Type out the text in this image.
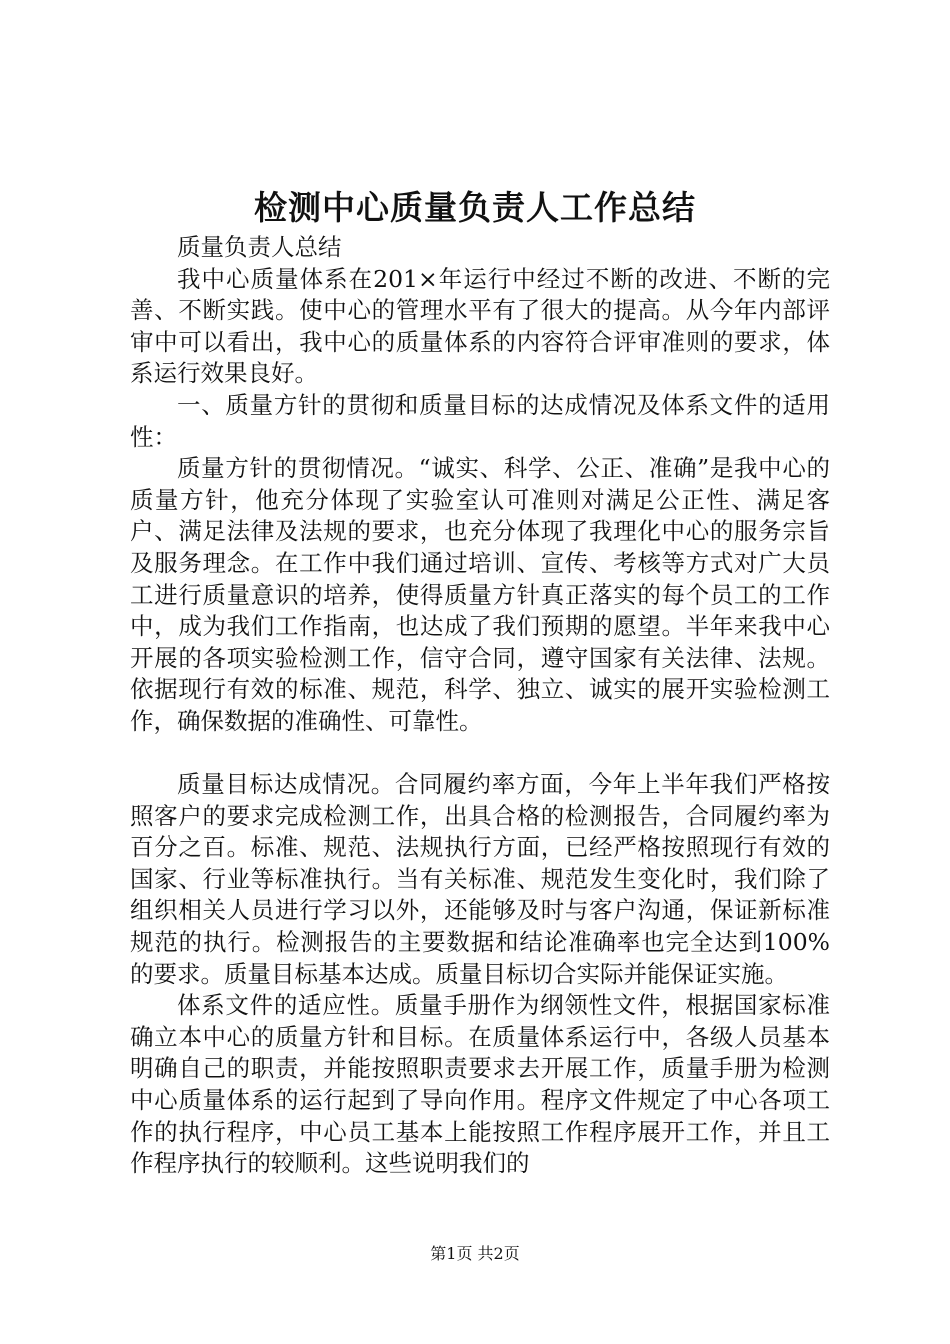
检测中心质量负责人工作总结

质量负责人总结

我中心质量体系在201×年运行中经过不断的改进、不断的完善、不断实践。使中心的管理水平有了很大的提高。从今年内部评审中可以看出，我中心的质量体系的内容符合评审准则的要求，体系运行效果良好。

一、质量方针的贯彻和质量目标的达成情况及体系文件的适用性：

质量方针的贯彻情况。“诚实、科学、公正、准确”是我中心的质量方针，他充分体现了实验室认可准则对满足公正性、满足客户、满足法律及法规的要求，也充分体现了我理化中心的服务宗旨及服务理念。在工作中我们通过培训、宣传、考核等方式对广大员工进行质量意识的培养，使得质量方针真正落实的每个员工的工作中，成为我们工作指南，也达成了我们预期的愿望。半年来我中心开展的各项实验检测工作，信守合同，遵守国家有关法律、法规。依据现行有效的标准、规范，科学、独立、诚实的展开实验检测工作，确保数据的准确性、可靠性。

质量目标达成情况。合同履约率方面，今年上半年我们严格按照客户的要求完成检测工作，出具合格的检测报告，合同履约率为百分之百。标准、规范、法规执行方面，已经严格按照现行有效的国家、行业等标准执行。当有关标准、规范发生变化时，我们除了组织相关人员进行学习以外，还能够及时与客户沟通，保证新标准规范的执行。检测报告的主要数据和结论准确率也完全达到100%的要求。质量目标基本达成。质量目标切合实际并能保证实施。

体系文件的适应性。质量手册作为纲领性文件，根据国家标准确立本中心的质量方针和目标。在质量体系运行中，各级人员基本明确自己的职责，并能按照职责要求去开展工作，质量手册为检测中心质量体系的运行起到了导向作用。程序文件规定了中心各项工作的执行程序，中心员工基本上能按照工作程序展开工作，并且工作程序执行的较顺利。这些说明我们的

第1页 共2页
